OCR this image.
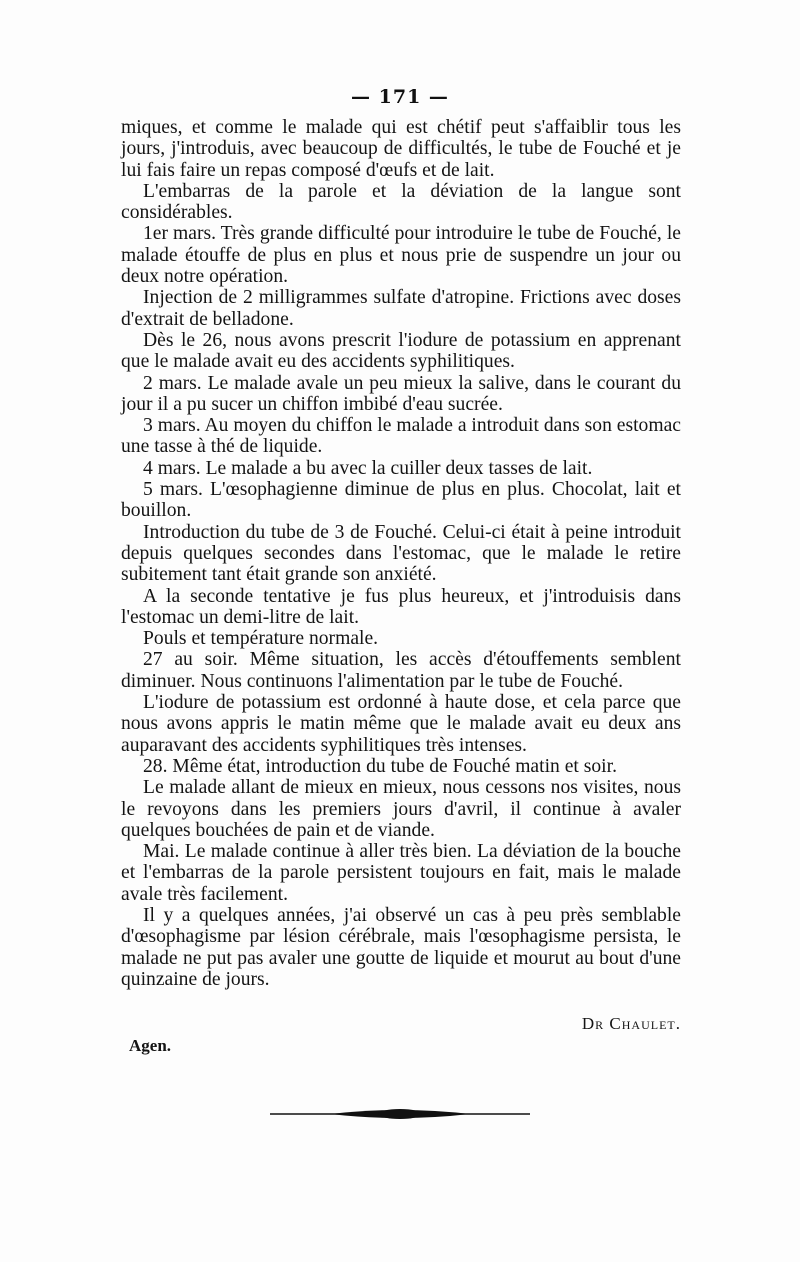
— 171 —

miques, et comme le malade qui est chétif peut s'affaiblir tous les jours, j'introduis, avec beaucoup de difficultés, le tube de Fouché et je lui fais faire un repas composé d'œufs et de lait.

L'embarras de la parole et la déviation de la langue sont considérables.

1er mars. Très grande difficulté pour introduire le tube de Fouché, le malade étouffe de plus en plus et nous prie de suspendre un jour ou deux notre opération.

Injection de 2 milligrammes sulfate d'atropine. Frictions avec doses d'extrait de belladone.

Dès le 26, nous avons prescrit l'iodure de potassium en apprenant que le malade avait eu des accidents syphilitiques.

2 mars. Le malade avale un peu mieux la salive, dans le courant du jour il a pu sucer un chiffon imbibé d'eau sucrée.

3 mars. Au moyen du chiffon le malade a introduit dans son estomac une tasse à thé de liquide.

4 mars. Le malade a bu avec la cuiller deux tasses de lait.

5 mars. L'œsophagienne diminue de plus en plus. Chocolat, lait et bouillon.

Introduction du tube de 3 de Fouché. Celui-ci était à peine introduit depuis quelques secondes dans l'estomac, que le malade le retire subitement tant était grande son anxiété.

A la seconde tentative je fus plus heureux, et j'introduisis dans l'estomac un demi-litre de lait.

Pouls et température normale.

27 au soir. Même situation, les accès d'étouffements semblent diminuer. Nous continuons l'alimentation par le tube de Fouché.

L'iodure de potassium est ordonné à haute dose, et cela parce que nous avons appris le matin même que le malade avait eu deux ans auparavant des accidents syphilitiques très intenses.

28. Même état, introduction du tube de Fouché matin et soir.

Le malade allant de mieux en mieux, nous cessons nos visites, nous le revoyons dans les premiers jours d'avril, il continue à avaler quelques bouchées de pain et de viande.

Mai. Le malade continue à aller très bien. La déviation de la bouche et l'embarras de la parole persistent toujours en fait, mais le malade avale très facilement.

Il y a quelques années, j'ai observé un cas à peu près semblable d'œsophagisme par lésion cérébrale, mais l'œsophagisme persista, le malade ne put pas avaler une goutte de liquide et mourut au bout d'une quinzaine de jours.

Dr Chaulet.
Agen.
